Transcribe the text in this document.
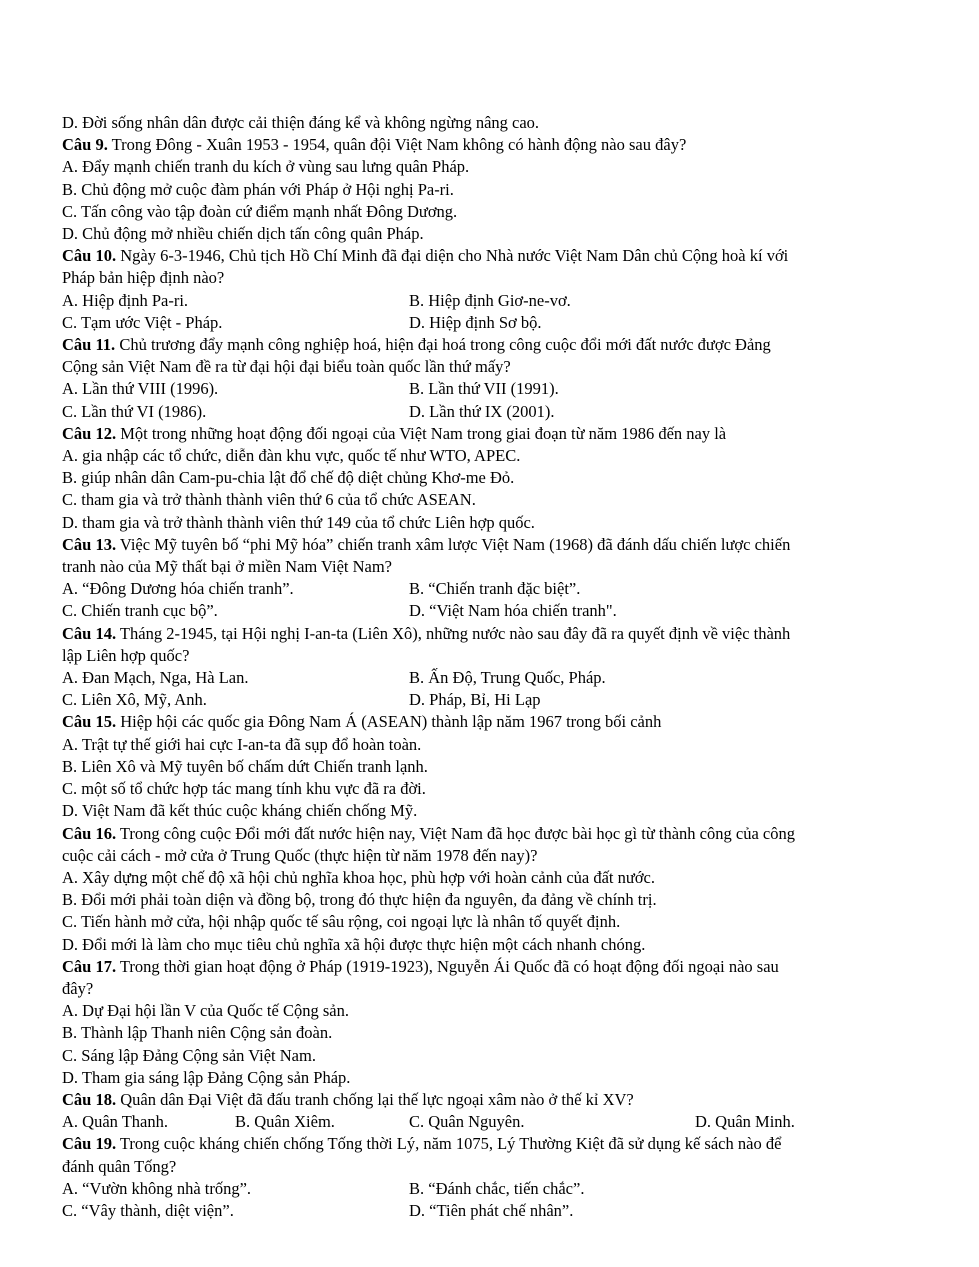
D. Đời sống nhân dân được cải thiện đáng kể và không ngừng nâng cao.
Câu 9. Trong Đông - Xuân 1953 - 1954, quân đội Việt Nam không có hành động nào sau đây?
A. Đẩy mạnh chiến tranh du kích ở vùng sau lưng quân Pháp.
B. Chủ động mở cuộc đàm phán với Pháp ở Hội nghị Pa-ri.
C. Tấn công vào tập đoàn cứ điểm mạnh nhất Đông Dương.
D. Chủ động mở nhiều chiến dịch tấn công quân Pháp.
Câu 10. Ngày 6-3-1946, Chủ tịch Hồ Chí Minh đã đại diện cho Nhà nước Việt Nam Dân chủ Cộng hoà kí với
Pháp bản hiệp định nào?
A. Hiệp định Pa-ri.	B. Hiệp định Giơ-ne-vơ.
C. Tạm ước Việt - Pháp.	D. Hiệp định Sơ bộ.
Câu 11. Chủ trương đẩy mạnh công nghiệp hoá, hiện đại hoá trong công cuộc đổi mới đất nước được Đảng
Cộng sản Việt Nam đề ra từ đại hội đại biểu toàn quốc lần thứ mấy?
A. Lần thứ VIII (1996).	B. Lần thứ VII (1991).
C. Lần thứ VI (1986).	D. Lần thứ IX (2001).
Câu 12. Một trong những hoạt động đối ngoại của Việt Nam trong giai đoạn từ năm 1986 đến nay là
A. gia nhập các tổ chức, diễn đàn khu vực, quốc tế như WTO, APEC.
B. giúp nhân dân Cam-pu-chia lật đổ chế độ diệt chủng Khơ-me Đỏ.
C. tham gia và trở thành thành viên thứ 6 của tổ chức ASEAN.
D. tham gia và trở thành thành viên thứ 149 của tổ chức Liên hợp quốc.
Câu 13. Việc Mỹ tuyên bố “phi Mỹ hóa” chiến tranh xâm lược Việt Nam (1968) đã đánh dấu chiến lược chiến
tranh nào của Mỹ thất bại ở miền Nam Việt Nam?
A. “Đông Dương hóa chiến tranh”.	B. “Chiến tranh đặc biệt”.
C. Chiến tranh cục bộ”.	D. “Việt Nam hóa chiến tranh".
Câu 14. Tháng 2-1945, tại Hội nghị I-an-ta (Liên Xô), những nước nào sau đây đã ra quyết định về việc thành
lập Liên hợp quốc?
A. Đan Mạch, Nga, Hà Lan.	B. Ấn Độ, Trung Quốc, Pháp.
C. Liên Xô, Mỹ, Anh.	D. Pháp, Bỉ, Hi Lạp
Câu 15. Hiệp hội các quốc gia Đông Nam Á (ASEAN) thành lập năm 1967 trong bối cảnh
A. Trật tự thế giới hai cực I-an-ta đã sụp đổ hoàn toàn.
B. Liên Xô và Mỹ tuyên bố chấm dứt Chiến tranh lạnh.
C. một số tổ chức hợp tác mang tính khu vực đã ra đời.
D. Việt Nam đã kết thúc cuộc kháng chiến chống Mỹ.
Câu 16. Trong công cuộc Đổi mới đất nước hiện nay, Việt Nam đã học được bài học gì từ thành công của công
cuộc cải cách - mở cửa ở Trung Quốc (thực hiện từ năm 1978 đến nay)?
A. Xây dựng một chế độ xã hội chủ nghĩa khoa học, phù hợp với hoàn cảnh của đất nước.
B. Đổi mới phải toàn diện và đồng bộ, trong đó thực hiện đa nguyên, đa đảng về chính trị.
C. Tiến hành mở cửa, hội nhập quốc tế sâu rộng, coi ngoại lực là nhân tố quyết định.
D. Đổi mới là làm cho mục tiêu chủ nghĩa xã hội được thực hiện một cách nhanh chóng.
Câu 17. Trong thời gian hoạt động ở Pháp (1919-1923), Nguyễn Ái Quốc đã có hoạt động đối ngoại nào sau
đây?
A. Dự Đại hội lần V của Quốc tế Cộng sản.
B. Thành lập Thanh niên Cộng sản đoàn.
C. Sáng lập Đảng Cộng sản Việt Nam.
D. Tham gia sáng lập Đảng Cộng sản Pháp.
Câu 18. Quân dân Đại Việt đã đấu tranh chống lại thế lực ngoại xâm nào ở thế kỉ XV?
A. Quân Thanh.	B. Quân Xiêm.	C. Quân Nguyên.	D. Quân Minh.
Câu 19. Trong cuộc kháng chiến chống Tống thời Lý, năm 1075, Lý Thường Kiệt đã sử dụng kế sách nào để
đánh quân Tống?
A. “Vườn không nhà trống”.	B. “Đánh chắc, tiến chắc”.
C. “Vây thành, diệt viện”.	D. “Tiên phát chế nhân”.
